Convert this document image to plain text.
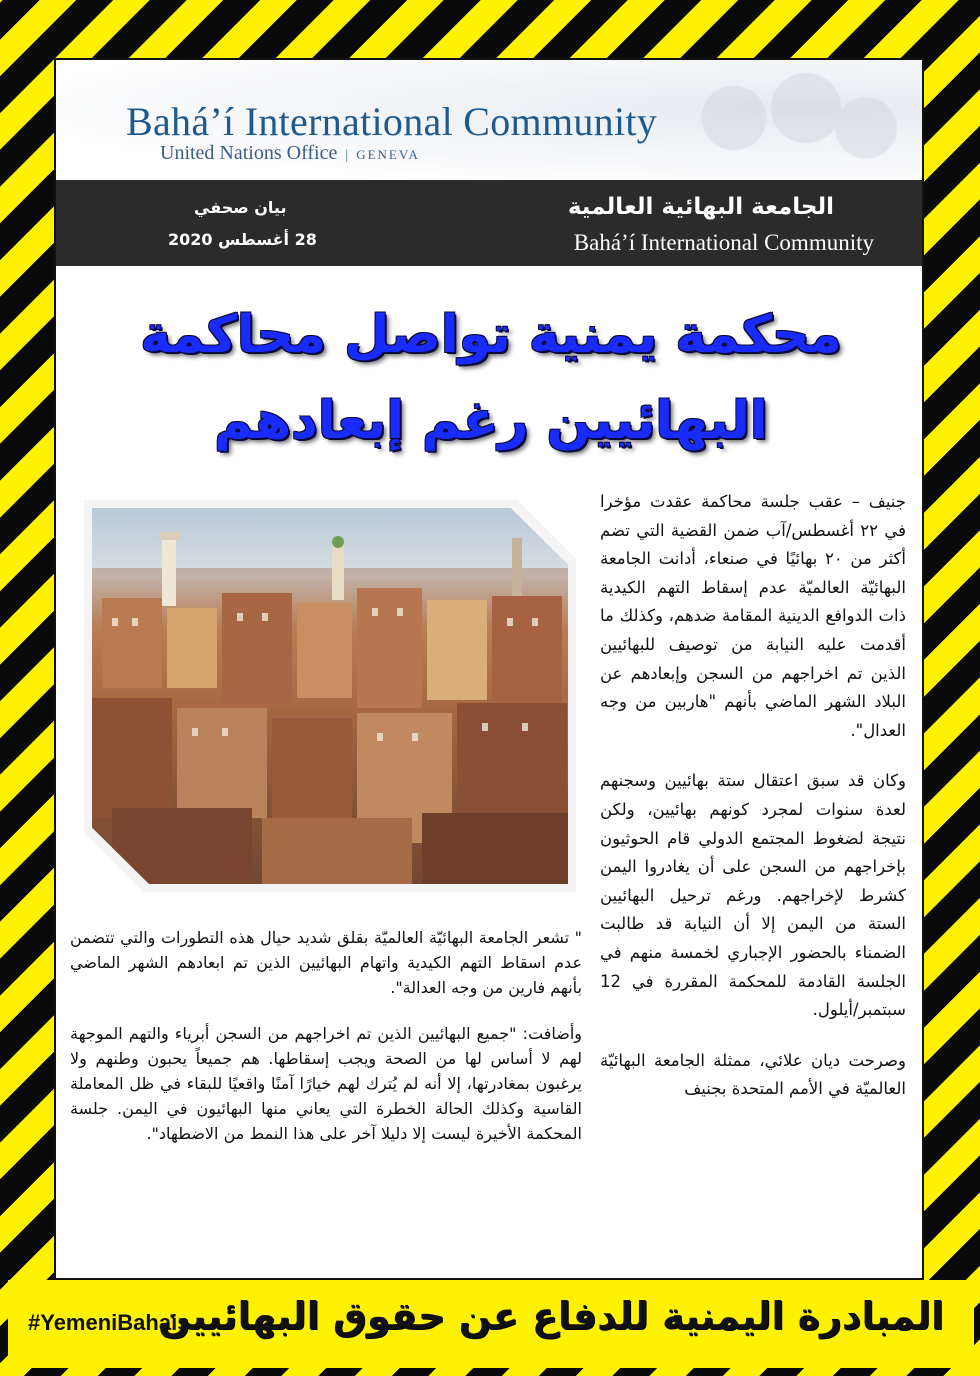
Bahá’í International Community
United Nations Office | GENEVA
الجامعة البهائية العالمية
Bahá’í International Community
بيان صحفي
28 أغسطس 2020
محكمة يمنية تواصل محاكمة
البهائيين رغم إبعادهم

جنيف – عقب جلسة محاكمة عقدت مؤخرا في ٢٢ أغسطس/آب ضمن القضية التي تضم أكثر من ٢٠ بهائيًا في صنعاء، أدانت الجامعة البهائيّة العالميّة عدم إسقاط التهم الكيدية ذات الدوافع الدينية المقامة ضدهم، وكذلك ما أقدمت عليه النيابة من توصيف للبهائيين الذين تم اخراجهم من السجن وإبعادهم عن البلاد الشهر الماضي بأنهم "هاربين من وجه العدال".

وكان قد سبق اعتقال ستة بهائيين وسجنهم لعدة سنوات لمجرد كونهم بهائيين، ولكن نتيجة لضغوط المجتمع الدولي قام الحوثيون بإخراجهم من السجن على أن يغادروا اليمن كشرط لإخراجهم. ورغم ترحيل البهائيين الستة من اليمن إلا أن النيابة قد طالبت الضمناء بالحضور الإجباري لخمسة منهم في الجلسة القادمة للمحكمة المقررة في 12 سبتمبر/أيلول.

وصرحت ديان علائي، ممثلة الجامعة البهائيّة العالميّة في الأمم المتحدة بجنيف

" تشعر الجامعة البهائيّة العالميّة بقلق شديد حيال هذه التطورات والتي تتضمن عدم اسقاط التهم الكيدية واتهام البهائيين الذين تم ابعادهم الشهر الماضي بأنهم فارين من وجه العدالة".

وأضافت: "جميع البهائيين الذين تم اخراجهم من السجن أبرياء والتهم الموجهة لهم لا أساس لها من الصحة ويجب إسقاطها. هم جميعاً يحبون وطنهم ولا يرغبون بمغادرتها، إلا أنه لم يُترك لهم خيارًا آمنًا واقعيًا للبقاء في ظل المعاملة القاسية وكذلك الحالة الخطرة التي يعاني منها البهائيون في اليمن. جلسة المحكمة الأخيرة ليست إلا دليلا آخر على هذا النمط من الاضطهاد".

#YemeniBahais
المبادرة اليمنية للدفاع عن حقوق البهائيين
